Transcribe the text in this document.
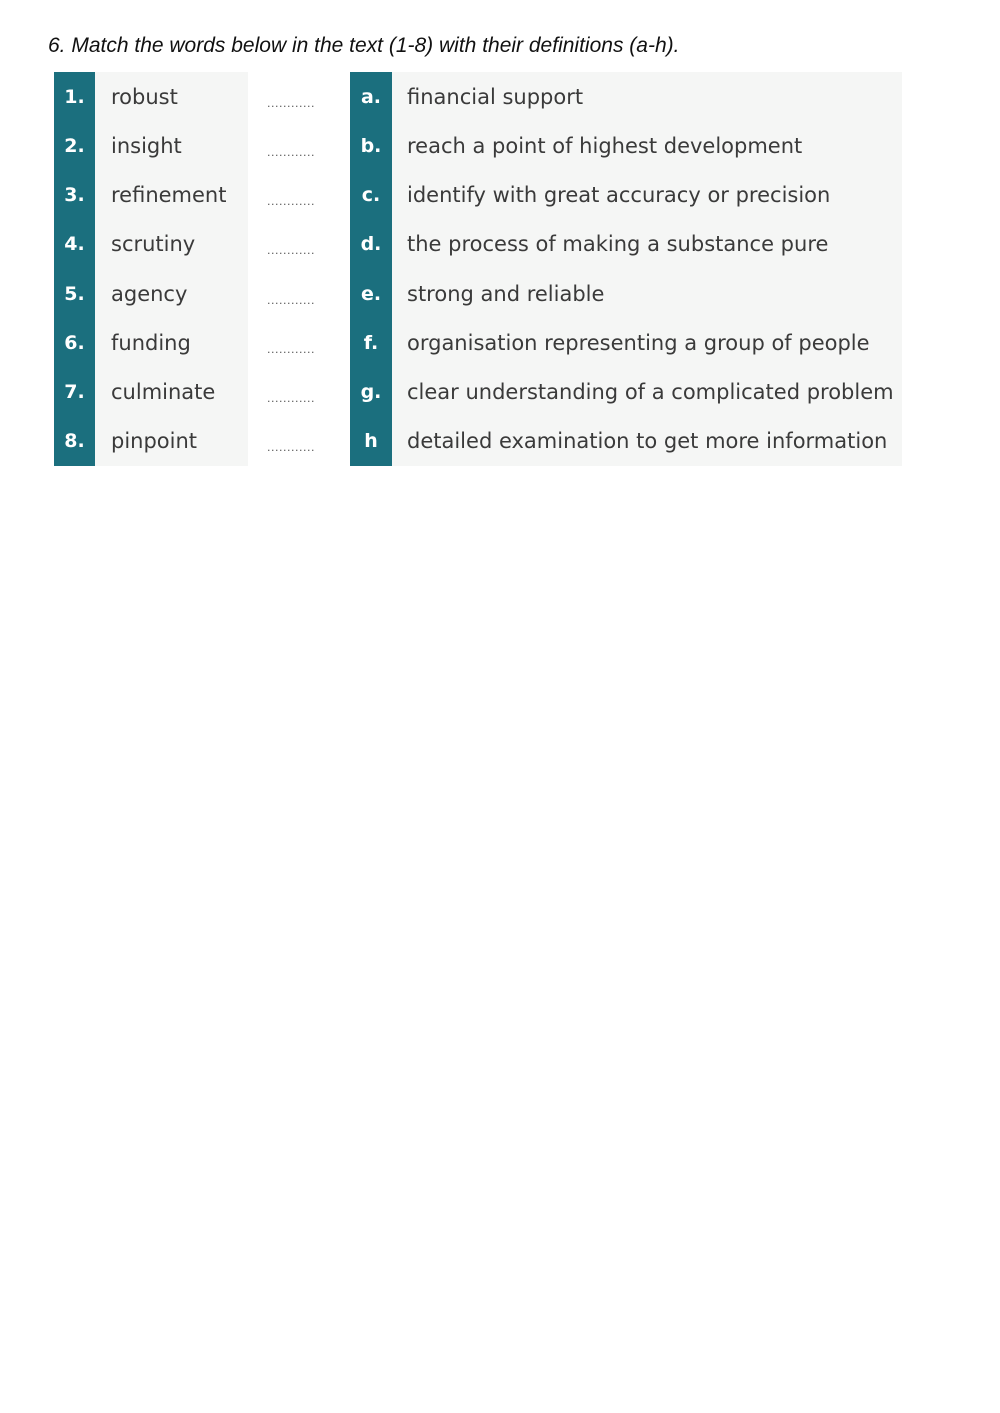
6. Match the words below in the text (1-8) with their definitions (a-h).
1.	robust	............	a.	financial support
2.	insight	............	b.	reach a point of highest development
3.	refinement	............	c.	identify with great accuracy or precision
4.	scrutiny	............	d.	the process of making a substance pure
5.	agency	............	e.	strong and reliable
6.	funding	............	f.	organisation representing a group of people
7.	culminate	............	g.	clear understanding of a complicated problem
8.	pinpoint	............	h	detailed examination to get more information
